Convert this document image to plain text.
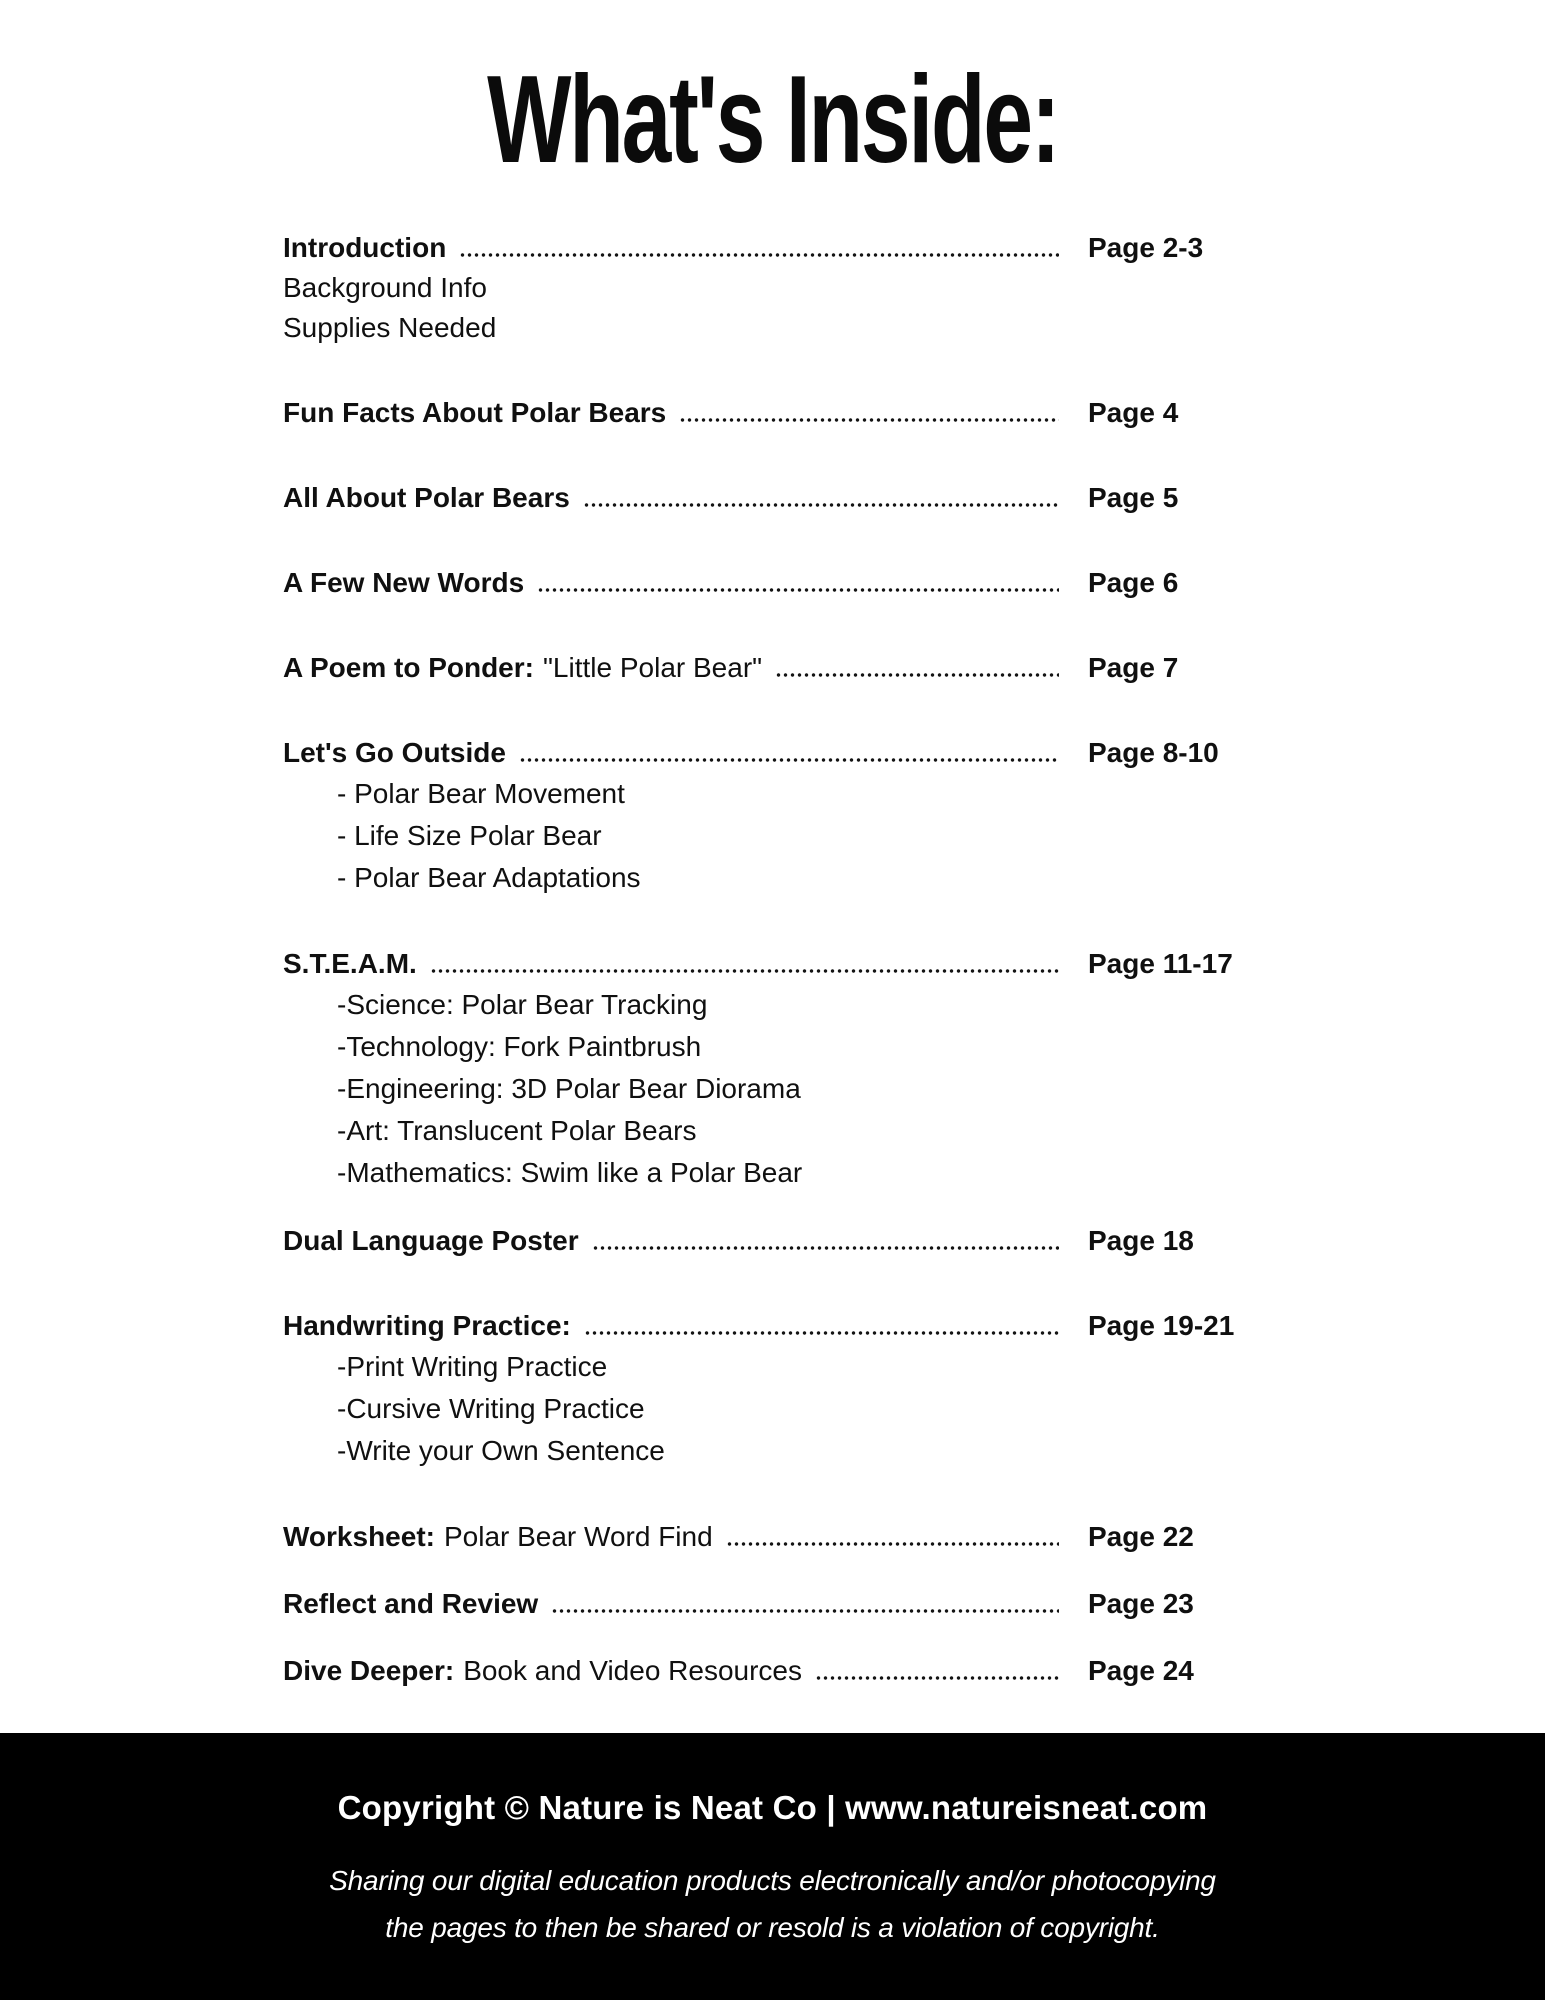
What's Inside:
Introduction	Page 2-3
Background Info
Supplies Needed
Fun Facts About Polar Bears	Page 4
All About Polar Bears	Page 5
A Few New Words	Page 6
A Poem to Ponder: "Little Polar Bear"	Page 7
Let's Go Outside	Page 8-10
- Polar Bear Movement
- Life Size Polar Bear
- Polar Bear Adaptations
S.T.E.A.M.	Page 11-17
-Science: Polar Bear Tracking
-Technology: Fork Paintbrush
-Engineering: 3D Polar Bear Diorama
-Art: Translucent Polar Bears
-Mathematics: Swim like a Polar Bear
Dual Language Poster	Page 18
Handwriting Practice:	Page 19-21
-Print Writing Practice
-Cursive Writing Practice
-Write your Own Sentence
Worksheet: Polar Bear Word Find	Page 22
Reflect and Review	Page 23
Dive Deeper: Book and Video Resources	Page 24
Copyright © Nature is Neat Co | www.natureisneat.com
Sharing our digital education products electronically and/or photocopying
the pages to then be shared or resold is a violation of copyright.
